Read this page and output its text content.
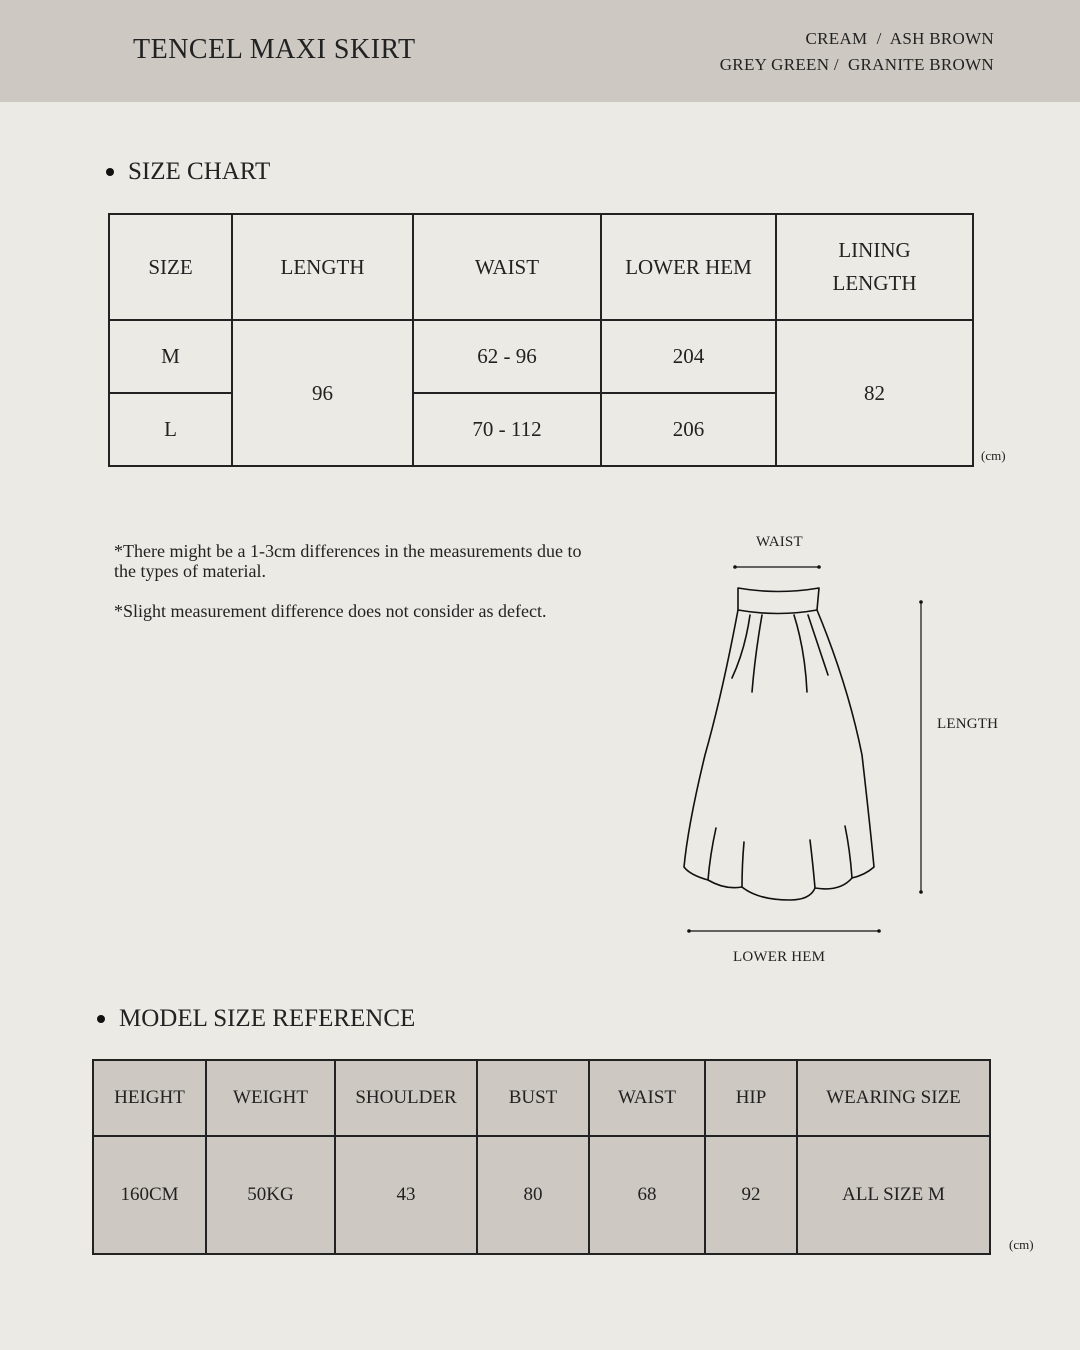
TENCEL MAXI SKIRT	CREAM  /  ASH BROWN
GREY GREEN /  GRANITE BROWN
SIZE CHART
SIZE	LENGTH	WAIST	LOWER HEM	LINING LENGTH
M	96	62 - 96	204	82
L		70 - 112	206	
(cm)

*There might be a 1-3cm differences in the measurements due to the types of material.

*Slight measurement difference does not consider as defect.

WAIST
LENGTH
LOWER HEM
MODEL SIZE REFERENCE
HEIGHT	WEIGHT	SHOULDER	BUST	WAIST	HIP	WEARING SIZE
160CM	50KG	43	80	68	92	ALL SIZE M
(cm)
